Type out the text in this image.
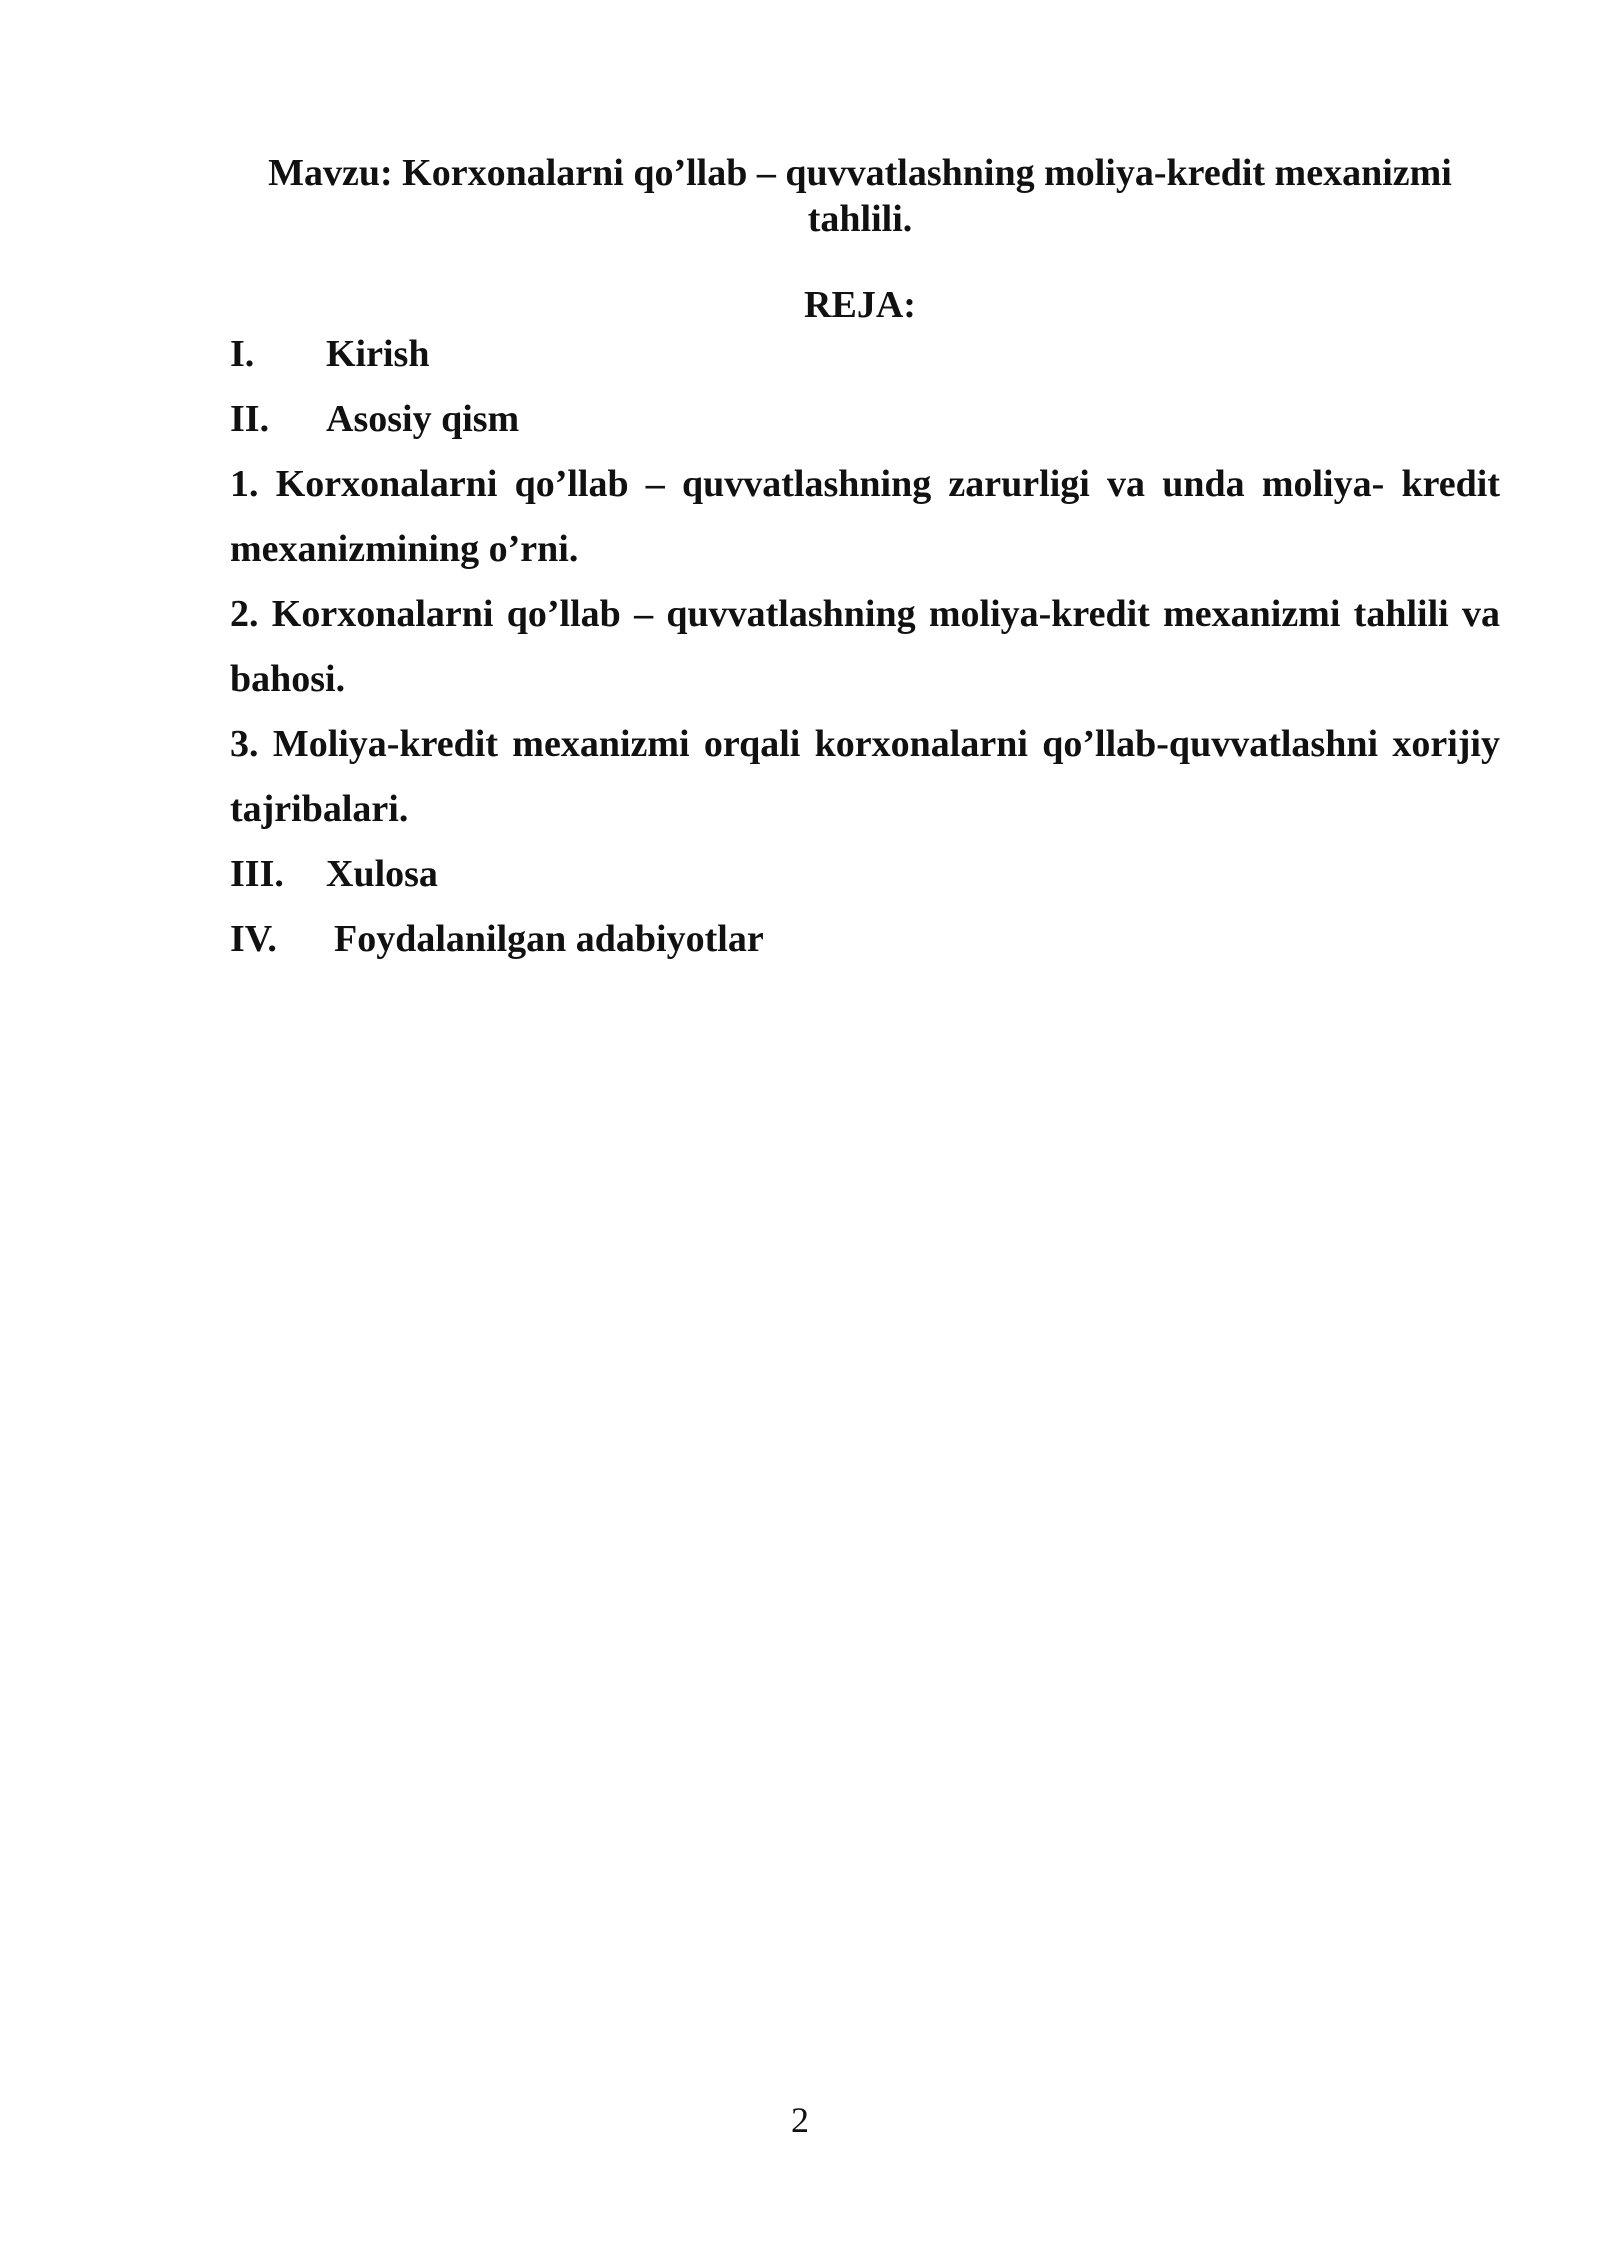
Mavzu: Korxonalarni qo’llab – quvvatlashning moliya-kredit mexanizmi
tahlili.
REJA:
I.	Kirish
II.	Asosiy qism
1. Korxonalarni qo’llab – quvvatlashning zarurligi va unda moliya- kredit mexanizmining o’rni.
2. Korxonalarni qo’llab – quvvatlashning moliya-kredit mexanizmi tahlili va bahosi.
3. Moliya-kredit mexanizmi orqali korxonalarni qo’llab-quvvatlashni xorijiy tajribalari.
III.	Xulosa
IV.	Foydalanilgan adabiyotlar
2
